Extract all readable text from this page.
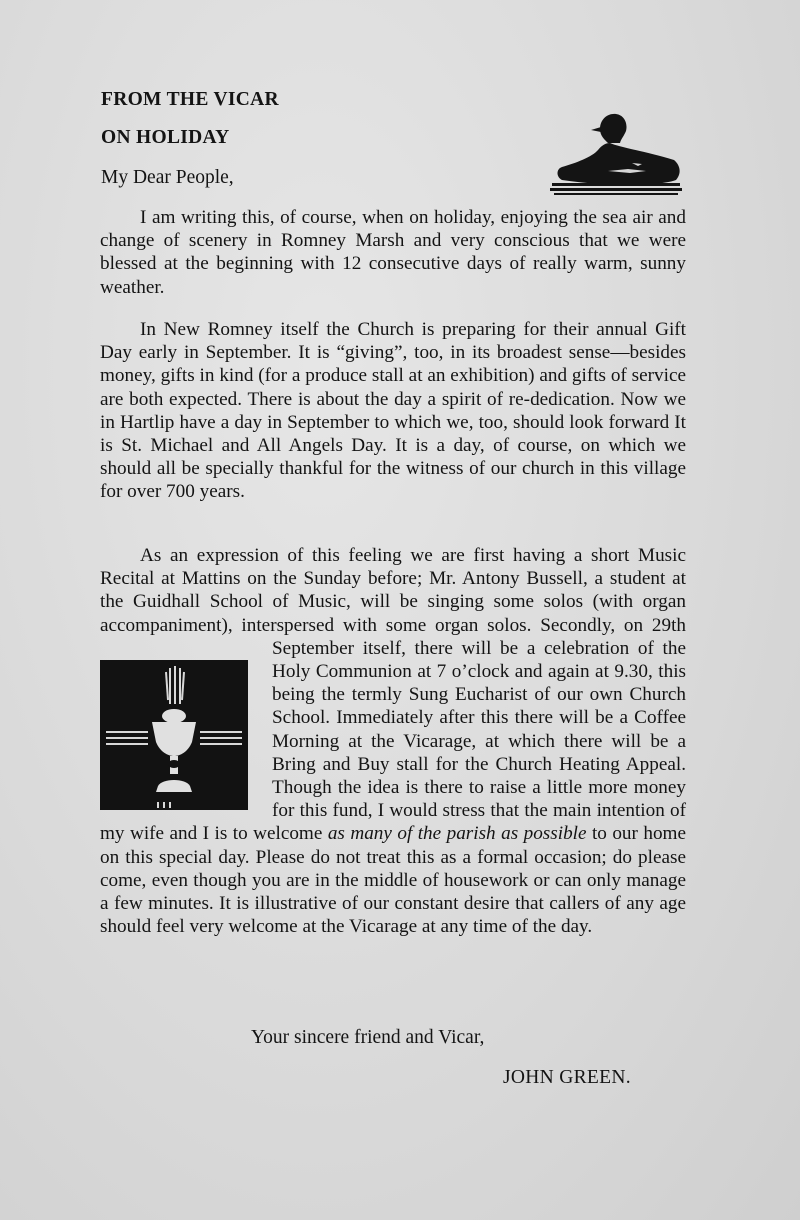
FROM THE VICAR
ON HOLIDAY

My Dear People,

I am writing this, of course, when on holiday, enjoying the sea air and change of scenery in Romney Marsh and very conscious that we were blessed at the beginning with 12 consecutive days of really warm, sunny weather.

In New Romney itself the Church is preparing for their annual Gift Day early in September. It is “giving”, too, in its broadest sense—besides money, gifts in kind (for a produce stall at an exhibition) and gifts of service are both expected. There is about the day a spirit of re-dedication. Now we in Hartlip have a day in September to which we, too, should look forward It is St. Michael and All Angels Day. It is a day, of course, on which we should all be specially thankful for the witness of our church in this village for over 700 years.

As an expression of this feeling we are first having a short Music Recital at Mattins on the Sunday before; Mr. Antony Bussell, a student at the Guidhall School of Music, will be singing some solos (with organ accompaniment), interspersed with some organ solos. Secondly, on 29th September itself, there will be a celebration of the Holy Communion at 7 o’clock and again at 9.30, this being the termly Sung Eucharist of our own Church School. Immediately after this there will be a Coffee Morning at the Vicarage, at which there will be a Bring and Buy stall for the Church Heating Appeal. Though the idea is there to raise a little more money for this fund, I would stress that the main intention of my wife and I is to welcome as many of the parish as possible to our home on this special day. Please do not treat this as a formal occasion; do please come, even though you are in the middle of housework or can only manage a few minutes. It is illustrative of our constant desire that callers of any age should feel very welcome at the Vicarage at any time of the day.

Your sincere friend and Vicar,

JOHN GREEN.
